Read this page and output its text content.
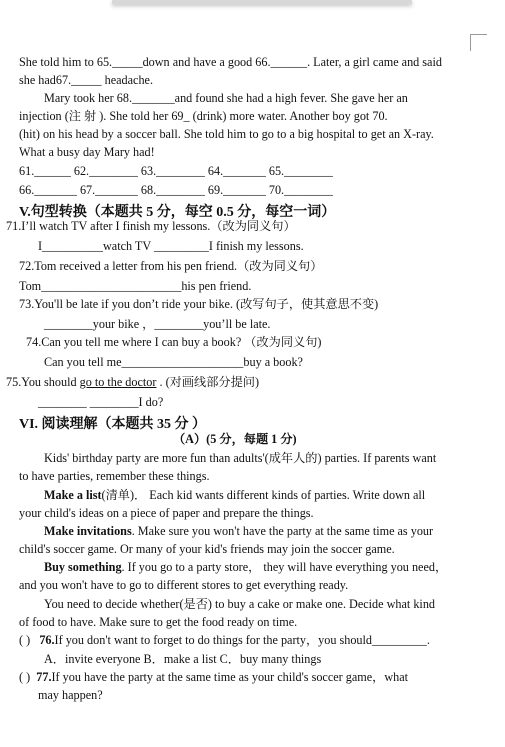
She told him to 65._____down and have a good 66.______. Later, a girl came and said
she had67._____ headache.
Mary took her 68._______and found she had a high fever. She gave her an
injection (注 射 ). She told her 69_ (drink) more water. Another boy got 70.
(hit) on his head by a soccer ball. She told him to go to a big hospital to get an X-ray.
What a busy day Mary had!
61.______ 62.________ 63.________ 64._______ 65.________
66._______ 67._______ 68.________ 69._______ 70.________
V.句型转换（本题共 5 分，每空 0.5 分，每空一词）
71.I’ll watch TV after I finish my lessons.（改为同义句）
I__________watch TV _________I finish my lessons.
72.Tom received a letter from his pen friend.（改为同义句）
Tom_______________________his pen friend.
73.You'll be late if you don’t ride your bike. (改写句子，使其意思不变)
________your bike ，________you’ll be late.
74.Can you tell me where I can buy a book? （改为同义句)
Can you tell me____________________buy a book?
75.You should go to the doctor . (对画线部分提问)
________ ________I do?
VI. 阅读理解（本题共 35 分 ）
（A）(5 分，每题 1 分)
Kids' birthday party are more fun than adults'(成年人的) parties. If parents want
to have parties, remember these things.
Make a list(清单)． Each kid wants different kinds of parties. Write down all
your child's ideas on a piece of paper and prepare the things.
Make invitations. Make sure you won't have the party at the same time as your
child's soccer game. Or many of your kid's friends may join the soccer game.
Buy something. If you go to a party store， they will have everything you need，
and you won't have to go to different stores to get everything ready.
You need to decide whether(是否) to buy a cake or make one. Decide what kind
of food to have. Make sure to get the food ready on time.
( ) 76.If you don't want to forget to do things for the party，you should_________.
A．invite everyone B．make a list C．buy many things
( ) 77.If you have the party at the same time as your child's soccer game，what
may happen?
